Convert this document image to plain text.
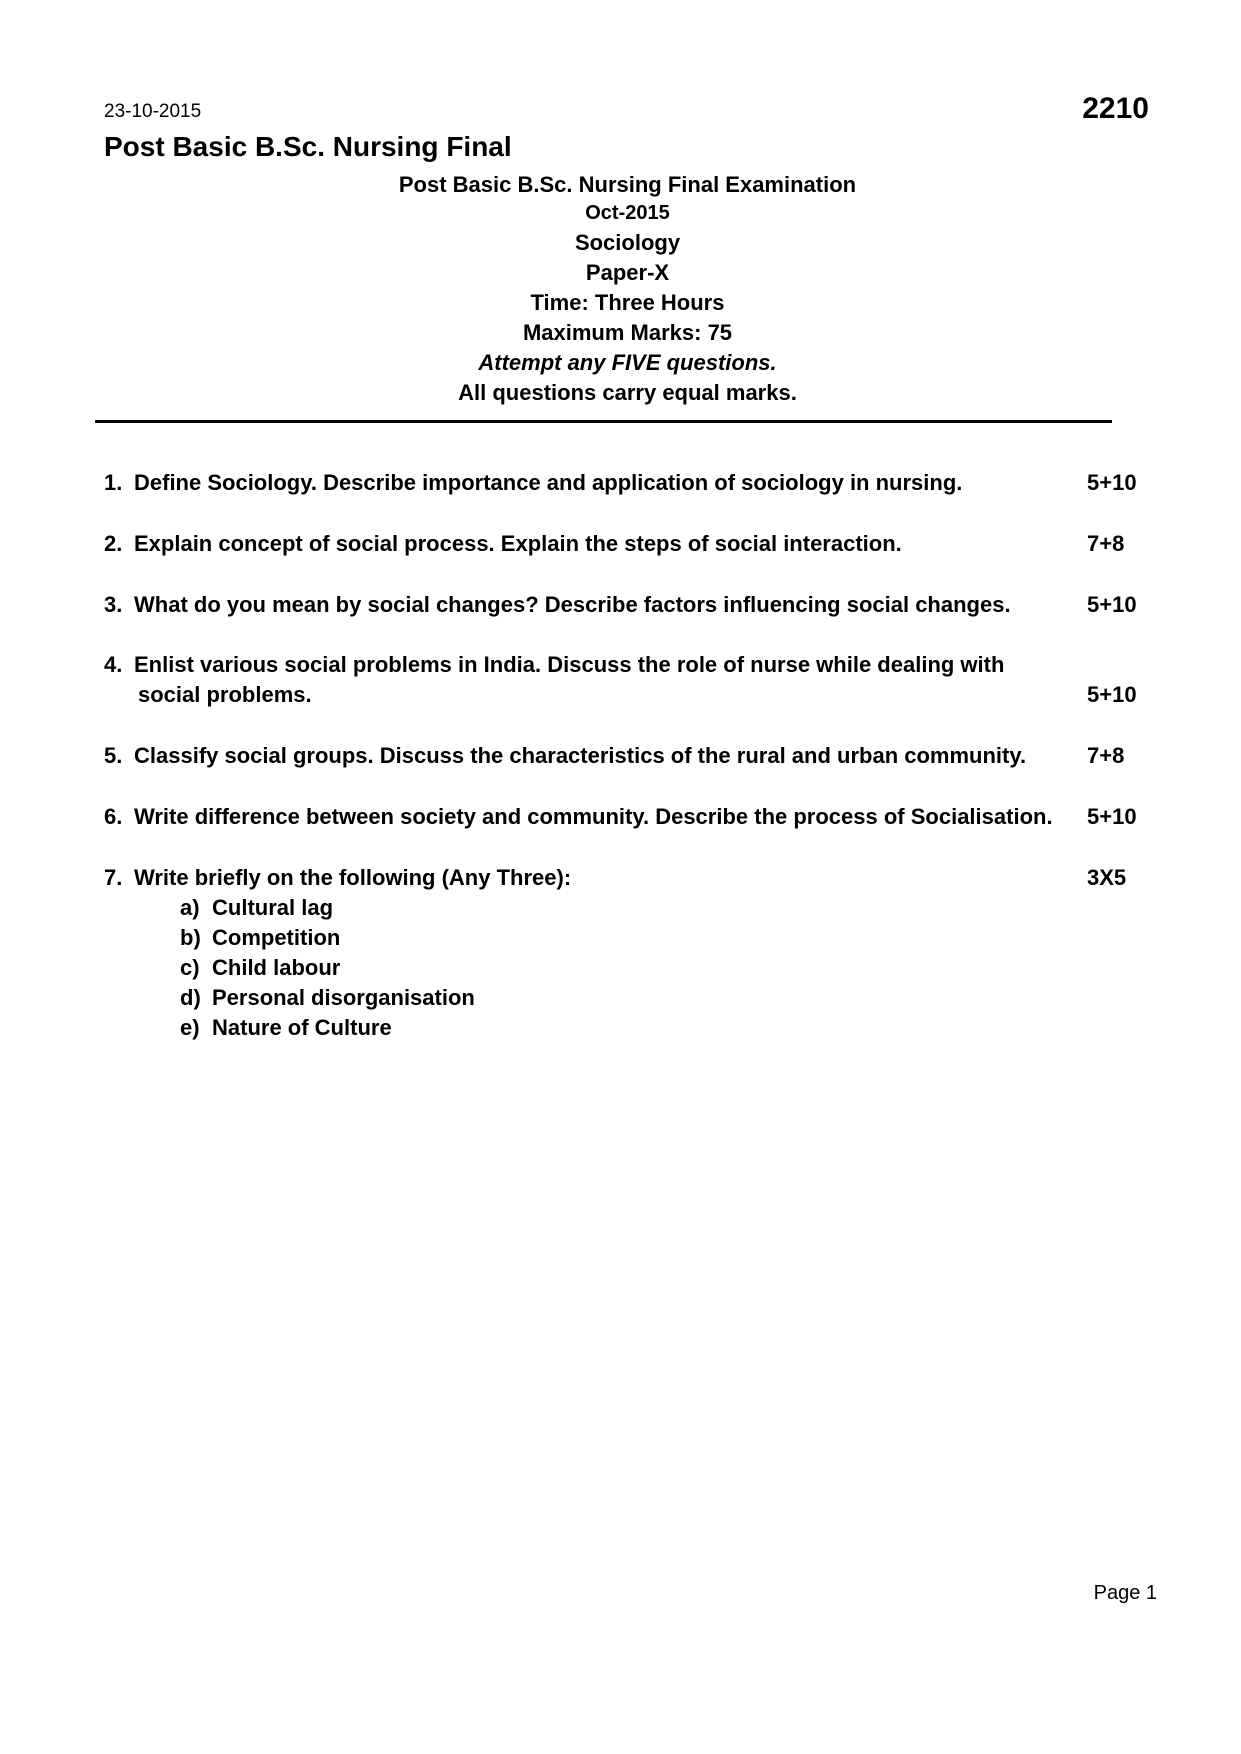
23-10-2015	2210
Post Basic B.Sc. Nursing Final
Post Basic B.Sc. Nursing Final Examination
Oct-2015
Sociology
Paper-X
Time: Three Hours
Maximum Marks: 75
Attempt any FIVE questions.
All questions carry equal marks.
1. Define Sociology. Describe importance and application of sociology in nursing.	5+10
2. Explain concept of social process. Explain the steps of social interaction.	7+8
3. What do you mean by social changes? Describe factors influencing social changes.	5+10
4. Enlist various social problems in India. Discuss the role of nurse while dealing with
social problems.	5+10
5. Classify social groups. Discuss the characteristics of the rural and urban community.	7+8
6. Write difference between society and community. Describe the process of Socialisation. 5+10
7. Write briefly on the following (Any Three):	3X5
a) Cultural lag
b) Competition
c) Child labour
d) Personal disorganisation
e) Nature of Culture
Page 1
